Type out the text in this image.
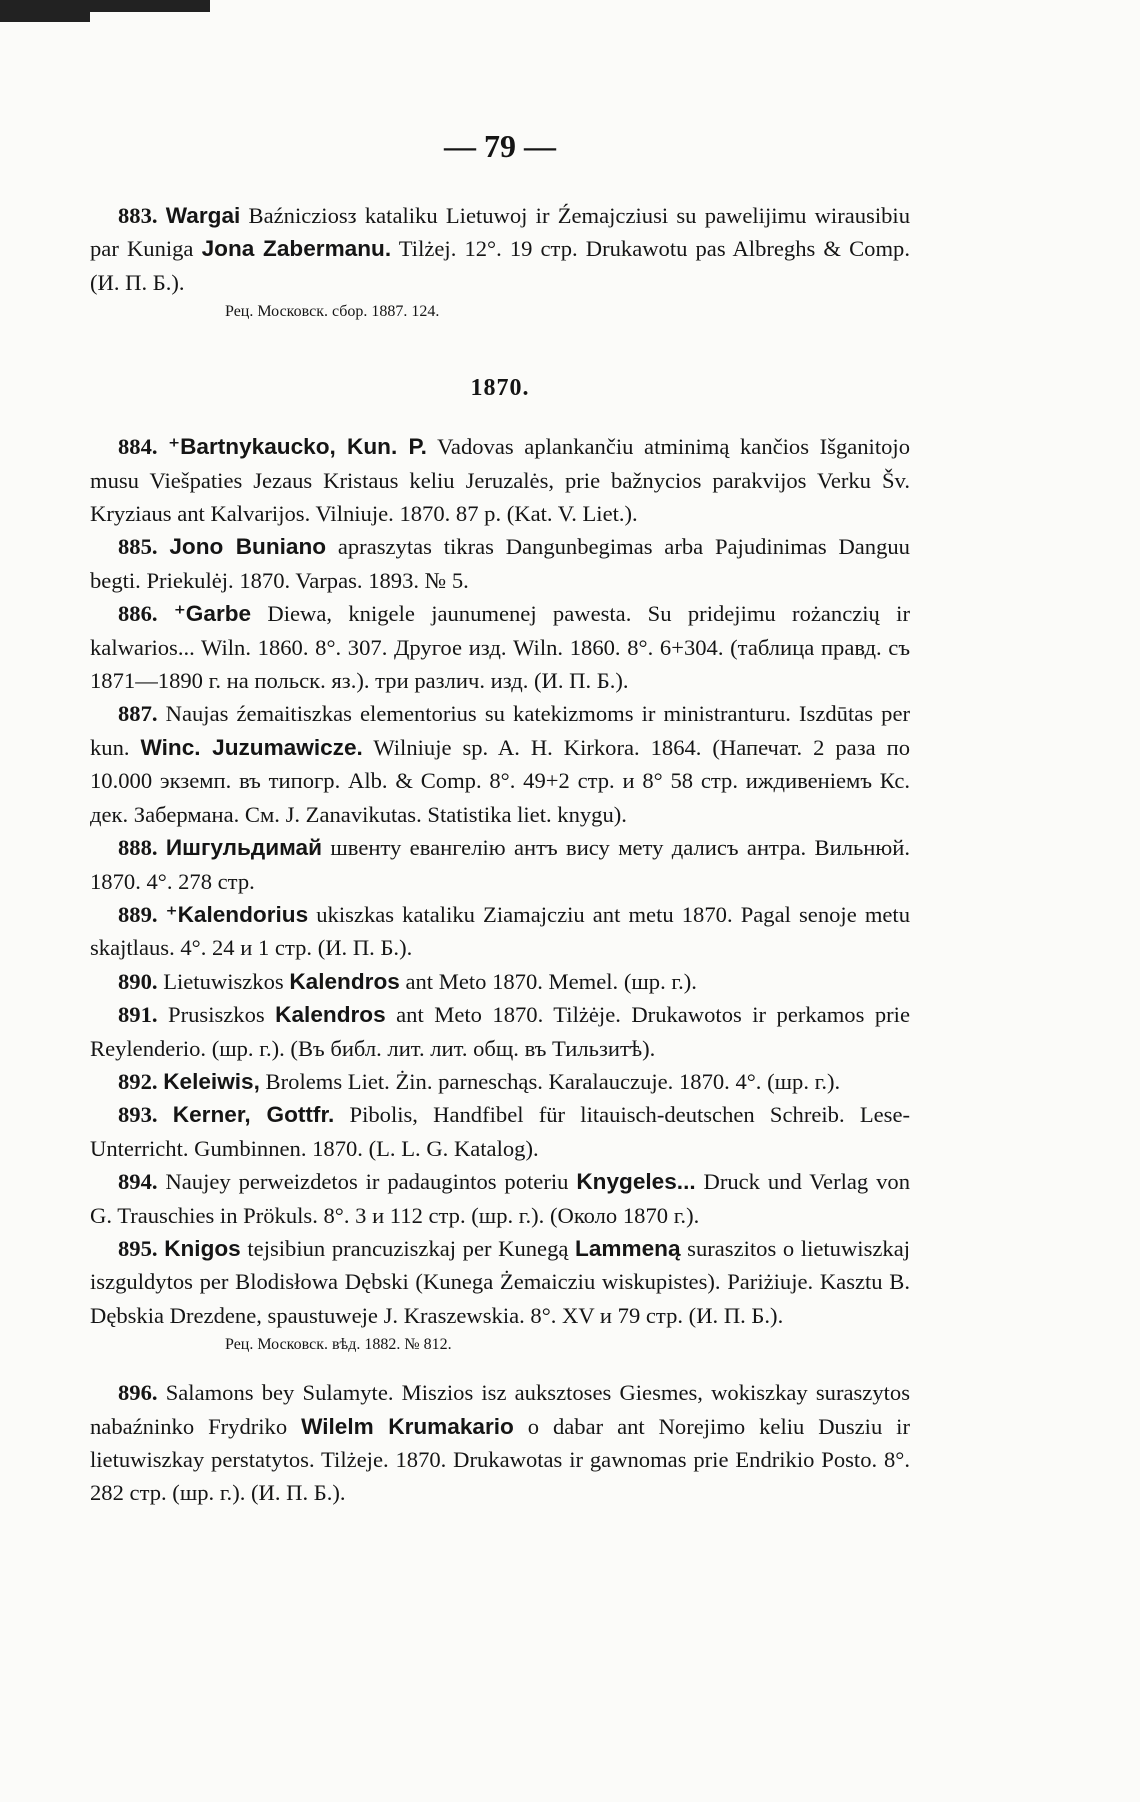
— 79 —

883. Wargai Baźnicziosᴣ kataliku Lietuwoj ir Źemajcziusi su pawelijimu wirausibiu par Kuniga Jona Zabermanu. Tilżej. 12°. 19 стр. Drukawotu pas Albreghs & Comp. (И. П. Б.).

Рец. Московск. сбор. 1887. 124.

1870.

884. ⁺Bartnykaucko, Kun. P. Vadovas aplankančiu atminimą kančios Išganitojo musu Viešpaties Jezaus Kristaus keliu Jeruzalės, prie bažnycios parakvijos Verku Šv. Kryziaus ant Kalvarijos. Vilniuje. 1870. 87 p. (Kat. V. Liet.).

885. Jono Buniano apraszytas tikras Dangunbegimas arba Pajudinimas Danguu begti. Priekulėj. 1870. Varpas. 1893. № 5.

886. ⁺Garbe Diewa, knigele jaunumenej pawesta. Su pridejimu rożanczių ir kalwarios... Wiln. 1860. 8°. 307. Другое изд. Wiln. 1860. 8°. 6+304. (таблица правд. съ 1871—1890 г. на польск. яз.). три различ. изд. (И. П. Б.).

887. Naujas źemaitiszkas elementorius su katekizmoms ir ministranturu. Iszdūtas per kun. Winc. Juzumawicze. Wilniuje sp. A. H. Kirkora. 1864. (Напечат. 2 раза по 10.000 экземп. въ типогр. Alb. & Comp. 8°. 49+2 стр. и 8° 58 стр. иждивеніемъ Кс. дек. Забермана. См. J. Zanavikutas. Statistika liet. knygu).

888. Ишгульдимай швенту евангелію антъ вису мету далисъ антра. Вильнюй. 1870. 4°. 278 стр.

889. ⁺Kalendorius ukiszkas kataliku Ziamajcziu ant metu 1870. Pagal senoje metu skajtlaus. 4°. 24 и 1 стр. (И. П. Б.).

890. Lietuwiszkos Kalendros ant Meto 1870. Memel. (шр. г.).

891. Prusiszkos Kalendros ant Meto 1870. Tilżėje. Drukawotos ir perkamos prie Reylenderio. (шр. г.). (Въ библ. лит. лит. общ. въ Тильзитѣ).

892. Keleiwis, Brolems Liet. Żin. parneschąs. Karalauczuje. 1870. 4°. (шр. г.).

893. Kerner, Gottfr. Pibolis, Handfibel für litauisch-deutschen Schreib. Lese-Unterricht. Gumbinnen. 1870. (L. L. G. Katalog).

894. Naujey perweizdetos ir padaugintos poteriu Knygeles... Druck und Verlag von G. Trauschies in Prökuls. 8°. 3 и 112 стр. (шр. г.). (Около 1870 г.).

895. Knigos tejsibiun prancuziszkaj per Kunegą Lammeną suraszitos o lietuwiszkaj iszguldytos per Blodisłowa Dębski (Kunega Żemaicziu wiskupistes). Pariżiuje. Kasztu B. Dębskia Drezdene, spaustuweje J. Kraszewskia. 8°. XV и 79 стр. (И. П. Б.).

Рец. Московск. вѣд. 1882. № 812.

896. Salamons bey Sulamyte. Miszios isz auksztoses Giesmes, wokiszkay suraszytos nabaźninko Frydriko Wilelm Krumakario o dabar ant Norejimo keliu Dusziu ir lietuwiszkay perstatytos. Tilżeje. 1870. Drukawotas ir gawnomas prie Endrikio Posto. 8°. 282 стр. (шр. г.). (И. П. Б.).
